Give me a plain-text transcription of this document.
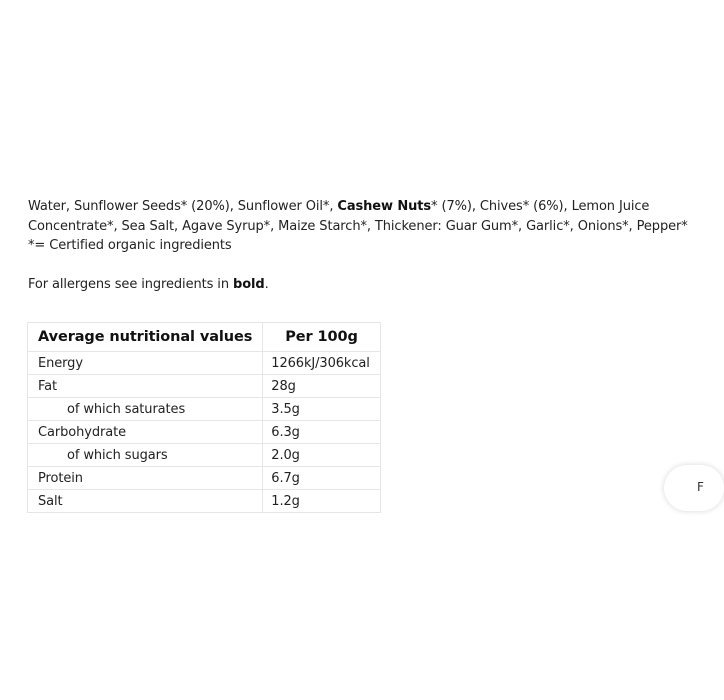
Water, Sunflower Seeds* (20%), Sunflower Oil*, Cashew Nuts* (7%), Chives* (6%), Lemon Juice
Concentrate*, Sea Salt, Agave Syrup*, Maize Starch*, Thickener: Guar Gum*, Garlic*, Onions*, Pepper*
*= Certified organic ingredients
For allergens see ingredients in bold.
Average nutritional values	Per 100g
Energy	1266kJ/306kcal
Fat	28g
of which saturates	3.5g
Carbohydrate	6.3g
of which sugars	2.0g
Protein	6.7g
Salt	1.2g
F
